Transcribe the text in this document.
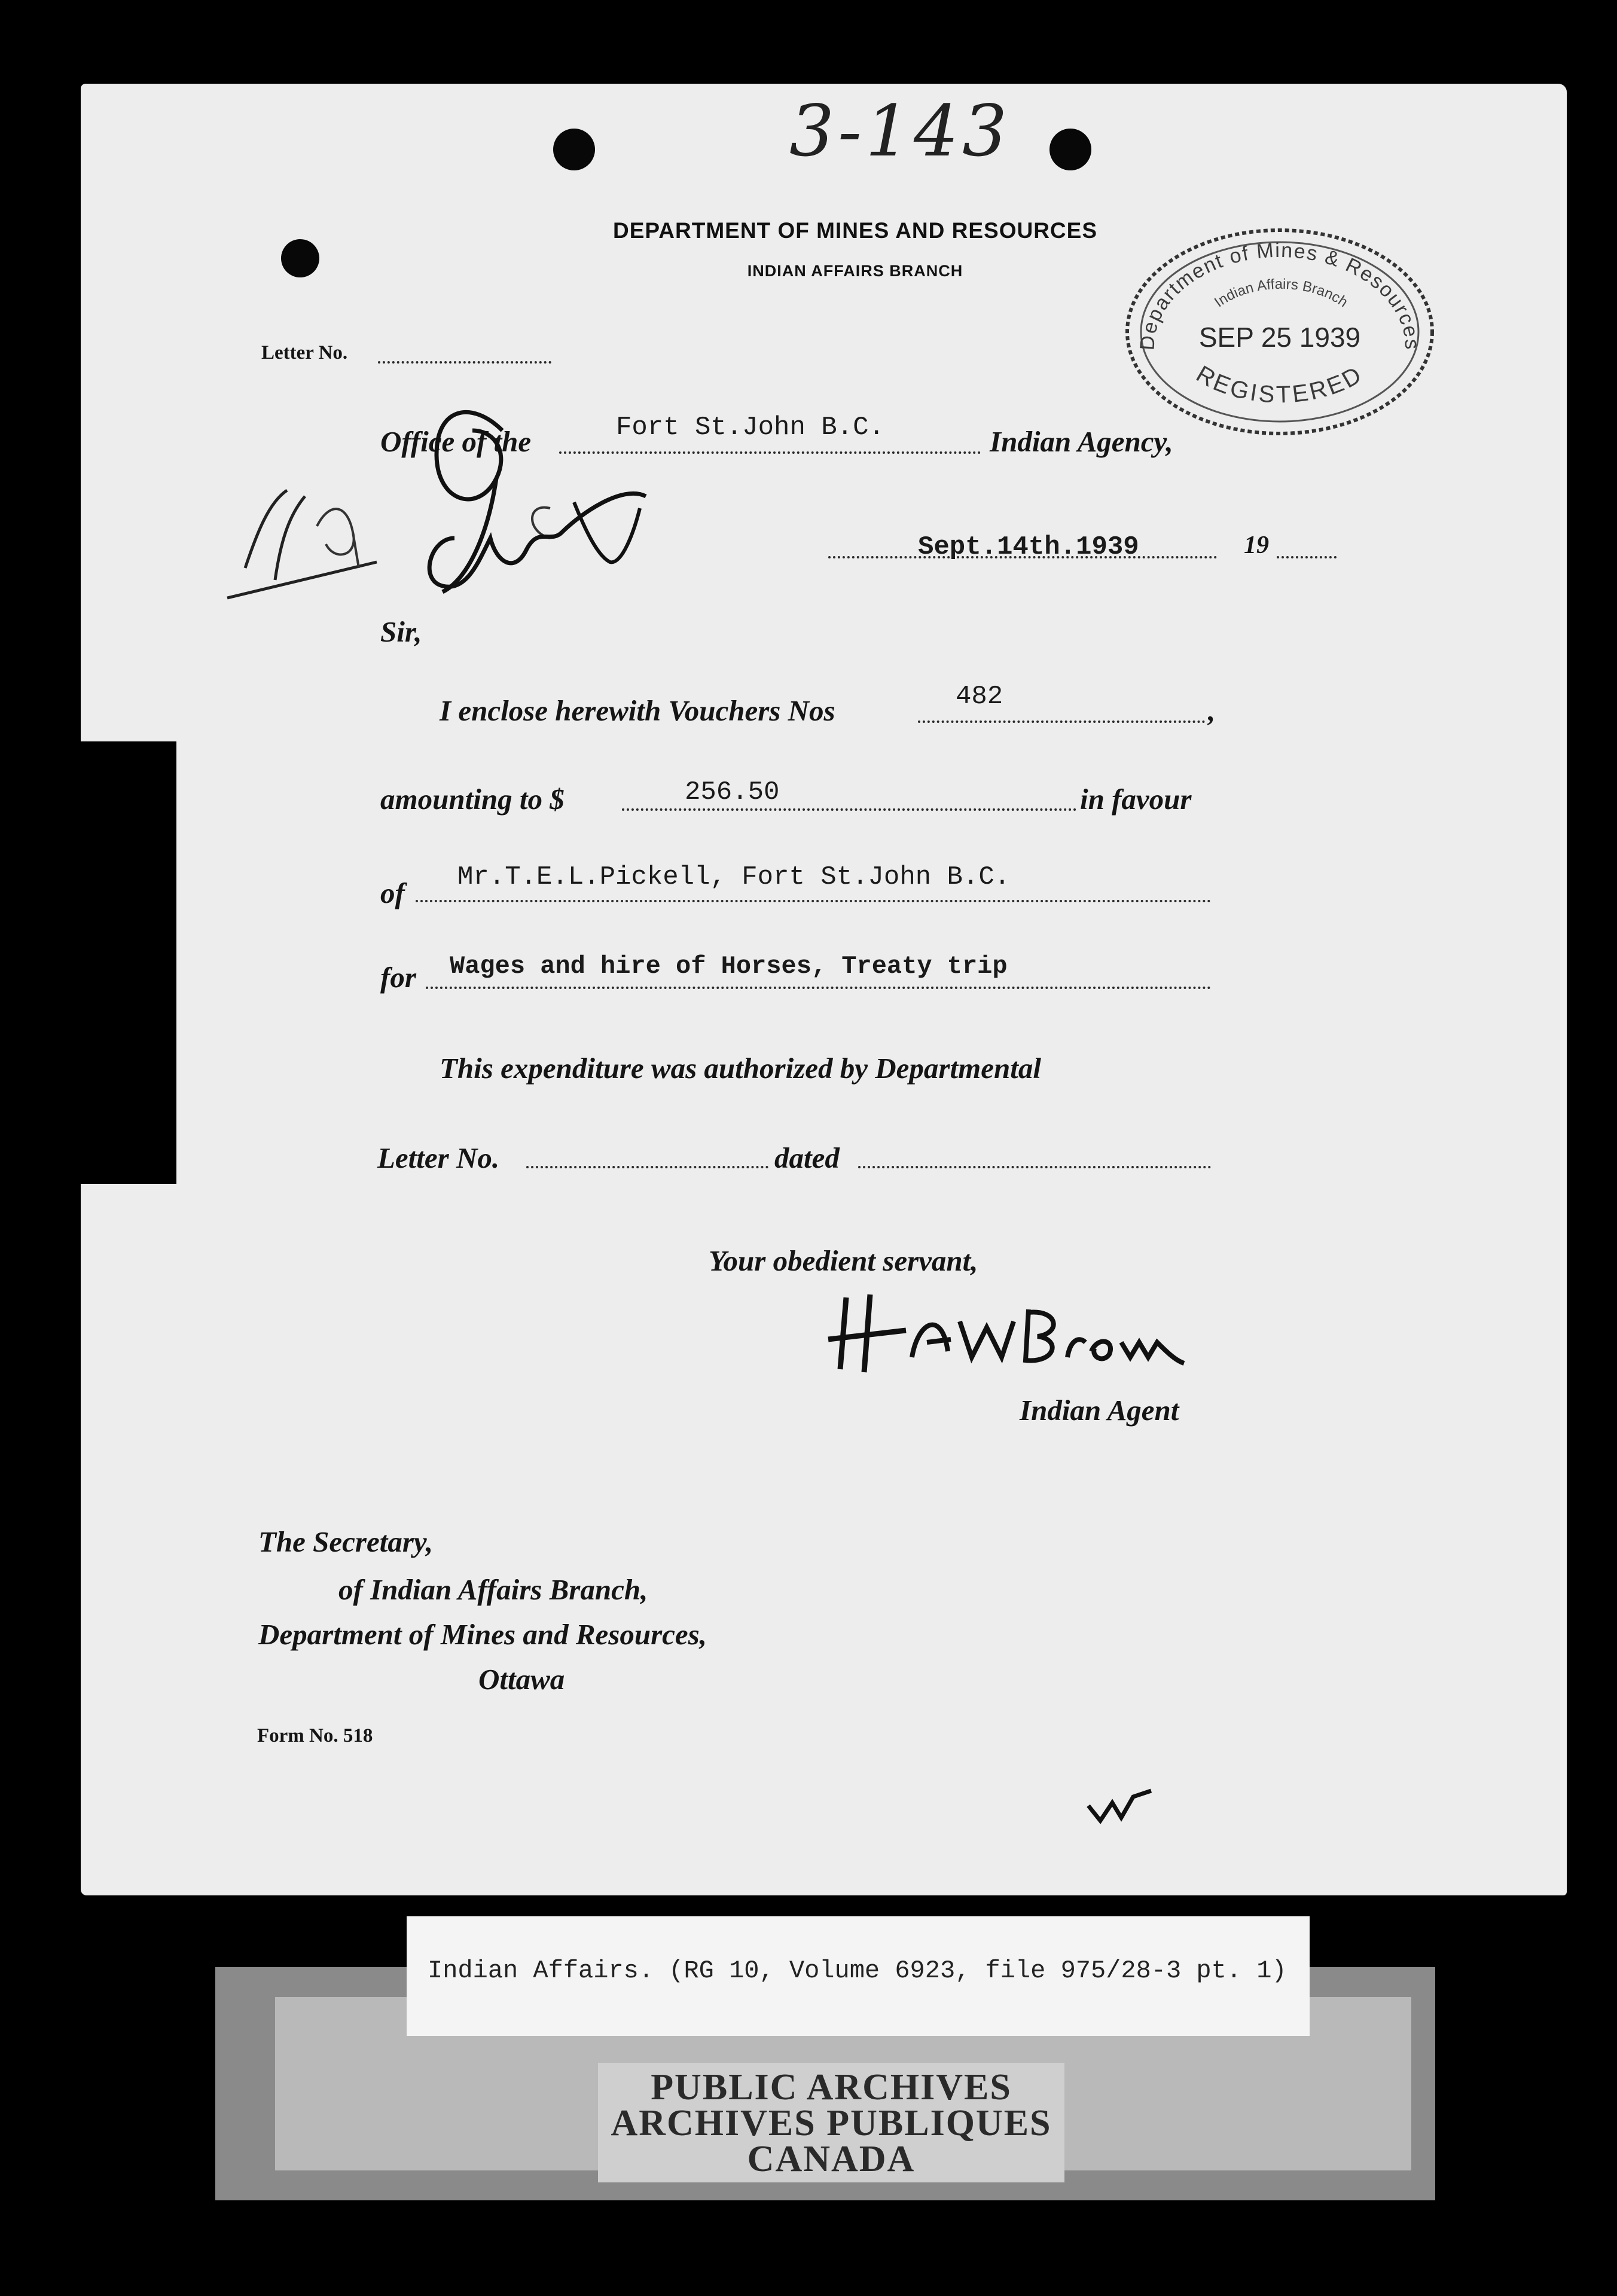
3-143
DEPARTMENT OF MINES AND RESOURCES
INDIAN AFFAIRS BRANCH
Department of Mines & Resources
Indian Affairs Branch
SEP 25 1939
REGISTERED
Letter No.
Office of the	Fort St.John B.C.	Indian Agency,
Sept.14th.1939	19
Sir,
I enclose herewith Vouchers Nos	482	,
amounting to $	256.50	in favour
of Mr.T.E.L.Pickell, Fort St.John B.C.
for Wages and hire of Horses, Treaty trip
This expenditure was authorized by Departmental
Letter No.	dated
Your obedient servant,
Indian Agent
The Secretary,
of Indian Affairs Branch,
Department of Mines and Resources,
Ottawa
Form No. 518
PUBLIC ARCHIVES
ARCHIVES PUBLIQUES
CANADA
Indian Affairs. (RG 10, Volume 6923, file 975/28-3 pt. 1)
